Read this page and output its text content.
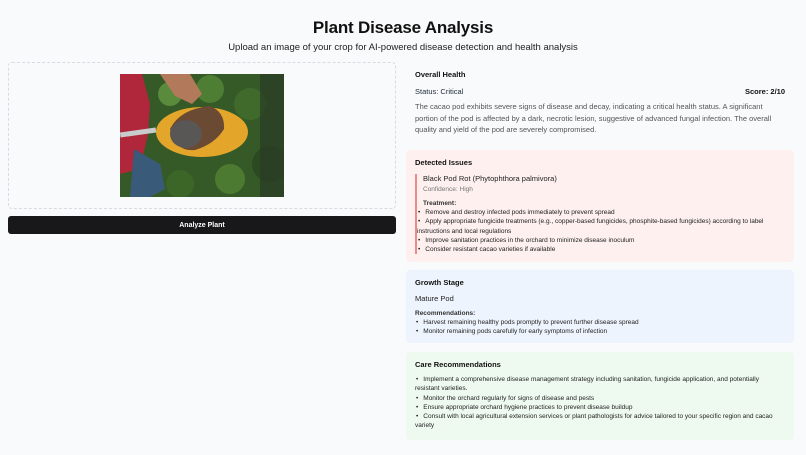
Plant Disease Analysis
Upload an image of your crop for AI-powered disease detection and health analysis
Analyze Plant
Overall Health
Status: Critical	Score: 2/10
The cacao pod exhibits severe signs of disease and decay, indicating a critical health status. A significant portion of the pod is affected by a dark, necrotic lesion, suggestive of advanced fungal infection. The overall quality and yield of the pod are severely compromised.
Detected Issues
Black Pod Rot (Phytophthora palmivora)
Confidence: High
Treatment:
• Remove and destroy infected pods immediately to prevent spread
• Apply appropriate fungicide treatments (e.g., copper-based fungicides, phosphite-based fungicides) according to label instructions and local regulations
• Improve sanitation practices in the orchard to minimize disease inoculum
• Consider resistant cacao varieties if available
Growth Stage
Mature Pod
Recommendations:
• Harvest remaining healthy pods promptly to prevent further disease spread
• Monitor remaining pods carefully for early symptoms of infection
Care Recommendations
• Implement a comprehensive disease management strategy including sanitation, fungicide application, and potentially resistant varieties.
• Monitor the orchard regularly for signs of disease and pests
• Ensure appropriate orchard hygiene practices to prevent disease buildup
• Consult with local agricultural extension services or plant pathologists for advice tailored to your specific region and cacao variety
